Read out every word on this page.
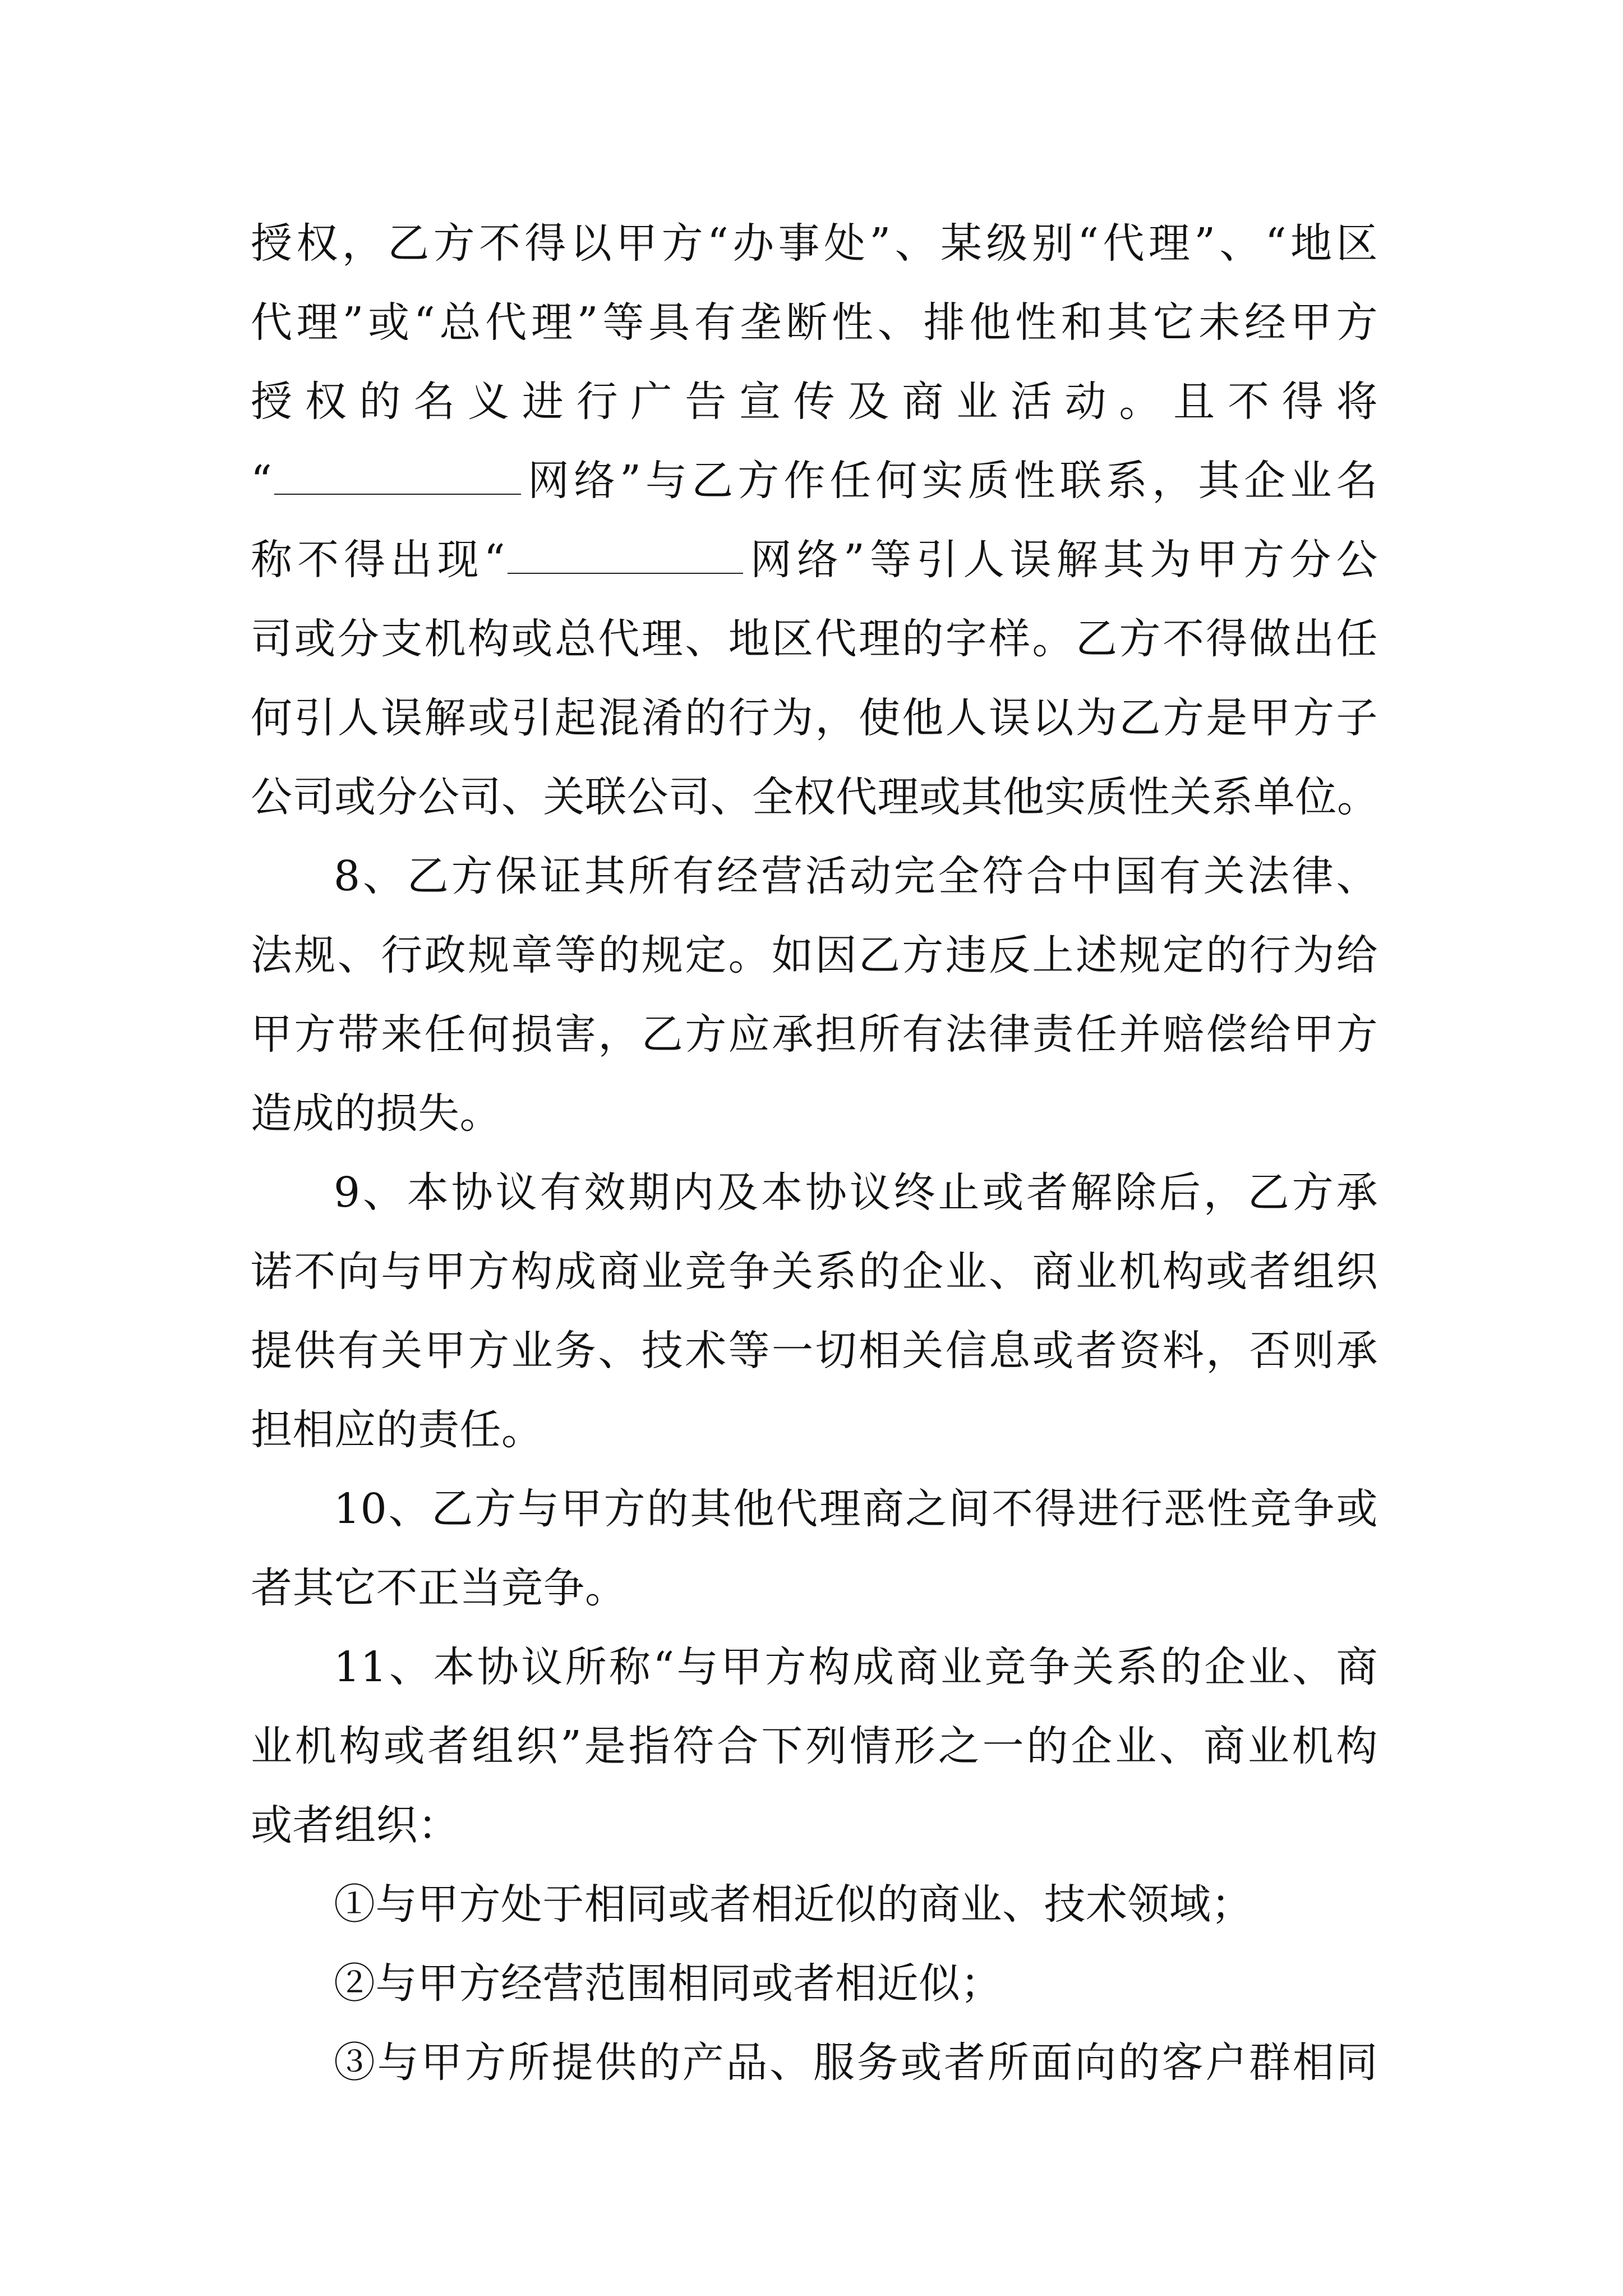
授权，乙方不得以甲方“办事处”、某级别“代理”、“地区
代理”或“总代理”等具有垄断性、排他性和其它未经甲方
授权的名义进行广告宣传及商业活动。且不得将
“	网络”与乙方作任何实质性联系，其企业名
称不得出现“	网络”等引人误解其为甲方分公
司或分支机构或总代理、地区代理的字样。乙方不得做出任
何引人误解或引起混淆的行为，使他人误以为乙方是甲方子
公司或分公司、关联公司、全权代理或其他实质性关系单位。
8、乙方保证其所有经营活动完全符合中国有关法律、
法规、行政规章等的规定。如因乙方违反上述规定的行为给
甲方带来任何损害，乙方应承担所有法律责任并赔偿给甲方
造成的损失。
9、本协议有效期内及本协议终止或者解除后，乙方承
诺不向与甲方构成商业竞争关系的企业、商业机构或者组织
提供有关甲方业务、技术等一切相关信息或者资料，否则承
担相应的责任。
10、乙方与甲方的其他代理商之间不得进行恶性竞争或
者其它不正当竞争。
11、本协议所称“与甲方构成商业竞争关系的企业、商
业机构或者组织”是指符合下列情形之一的企业、商业机构
或者组织：
①与甲方处于相同或者相近似的商业、技术领域；
②与甲方经营范围相同或者相近似；
③与甲方所提供的产品、服务或者所面向的客户群相同
